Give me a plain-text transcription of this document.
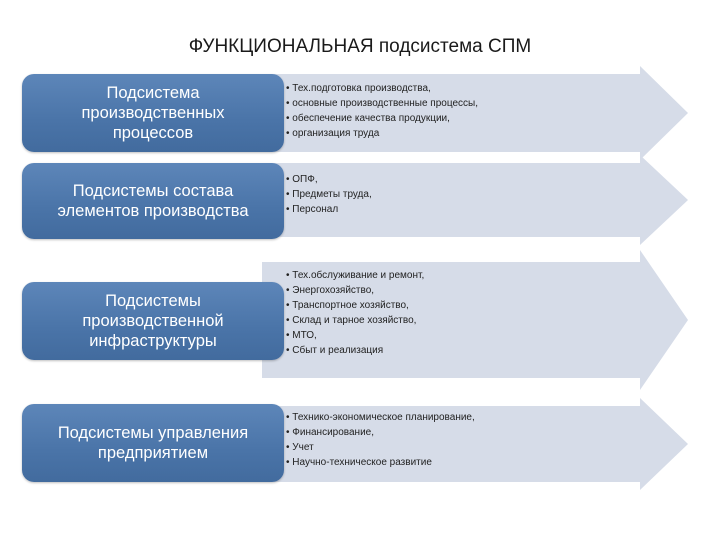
ФУНКЦИОНАЛЬНАЯ подсистема СПМ
Подсистема
производственных
процессов
• Тех.подготовка производства,
• основные производственные процессы,
• обеспечение качества продукции,
• организация труда
Подсистемы состава
элементов производства
• ОПФ,
• Предметы труда,
• Персонал
Подсистемы
производственной
инфраструктуры
• Тех.обслуживание и ремонт,
• Энергохозяйство,
• Транспортное хозяйство,
• Склад и тарное хозяйство,
• МТО,
• Сбыт и реализация
Подсистемы управления
предприятием
• Технико-экономическое планирование,
• Финансирование,
• Учет
• Научно-техническое развитие
